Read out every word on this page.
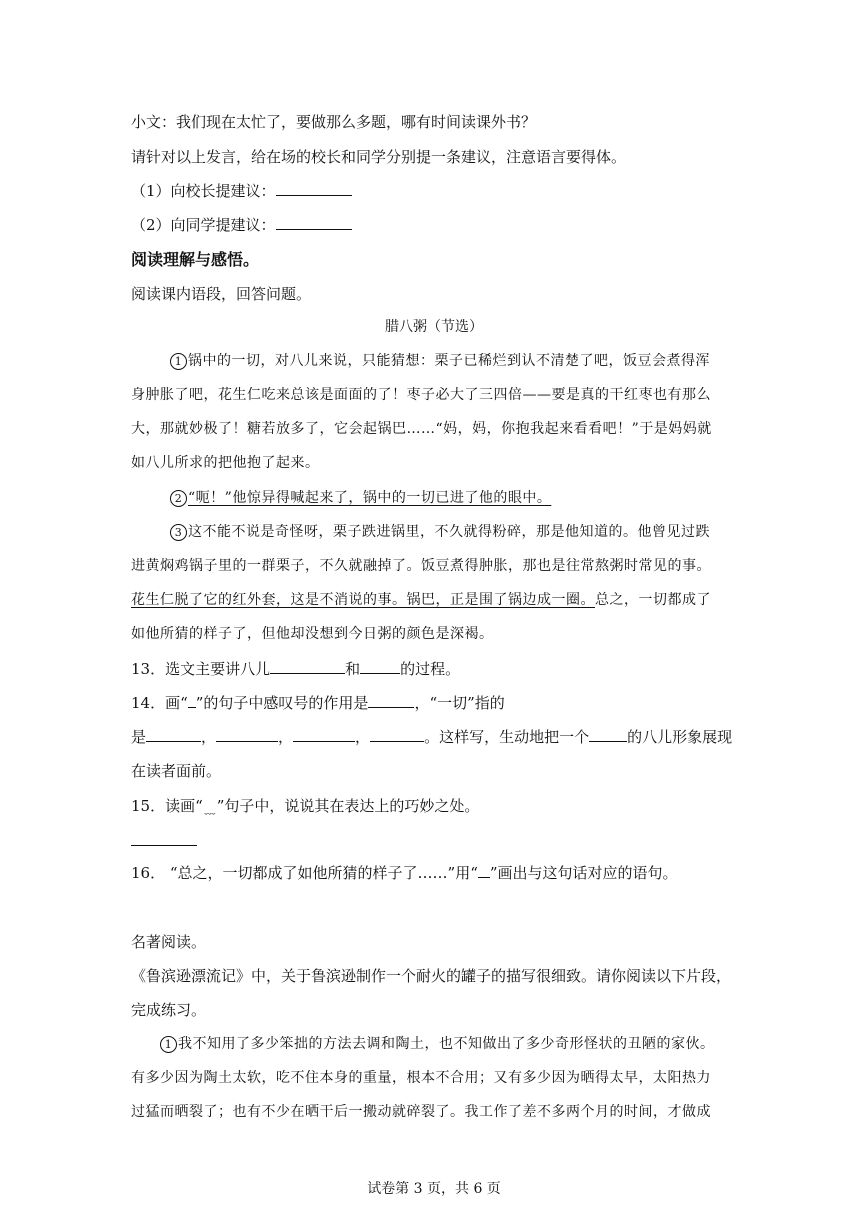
小文：我们现在太忙了，要做那么多题，哪有时间读课外书？
请针对以上发言，给在场的校长和同学分别提一条建议，注意语言要得体。
（1）向校长提建议：
（2）向同学提建议：
阅读理解与感悟。
阅读课内语段，回答问题。
腊八粥（节选）
1 锅中的一切，对八儿来说，只能猜想：栗子已稀烂到认不清楚了吧，饭豆会煮得浑
身肿胀了吧，花生仁吃来总该是面面的了！枣子必大了三四倍——要是真的干红枣也有那么
大，那就妙极了！糖若放多了，它会起锅巴……“妈，妈，你抱我起来看看吧！”于是妈妈就
如八儿所求的把他抱了起来。
2 “呃！”他惊异得喊起来了，锅中的一切已进了他的眼中。
3 这不能不说是奇怪呀，栗子跌进锅里，不久就得粉碎，那是他知道的。他曾见过跌
进黄焖鸡锅子里的一群栗子，不久就融掉了。饭豆煮得肿胀，那也是往常熬粥时常见的事。
花生仁脱了它的红外套，这是不消说的事。锅巴，正是围了锅边成一圈。总之，一切都成了
如他所猜的样子了，但他却没想到今日粥的颜色是深褐。
13．选文主要讲八儿	和	的过程。
14．画“ ”的句子中感叹号的作用是	，“一切”指的
是	，	，	，	。这样写，生动地把一个	的八儿形象展现
在读者面前。
15．读画“ ﹏ ”句子中，说说其在表达上的巧妙之处。
16． “总之，一切都成了如他所猜的样子了……”用“ ”画出与这句话对应的语句。
名著阅读。
《鲁滨逊漂流记》中，关于鲁滨逊制作一个耐火的罐子的描写很细致。请你阅读以下片段，
完成练习。
1 我不知用了多少笨拙的方法去调和陶土，也不知做出了多少奇形怪状的丑陋的家伙。
有多少因为陶土太软，吃不住本身的重量，根本不合用；又有多少因为晒得太早，太阳热力
过猛而晒裂了；也有不少在晒干后一搬动就碎裂了。我工作了差不多两个月的时间，才做成
试卷第 3 页，共 6 页
